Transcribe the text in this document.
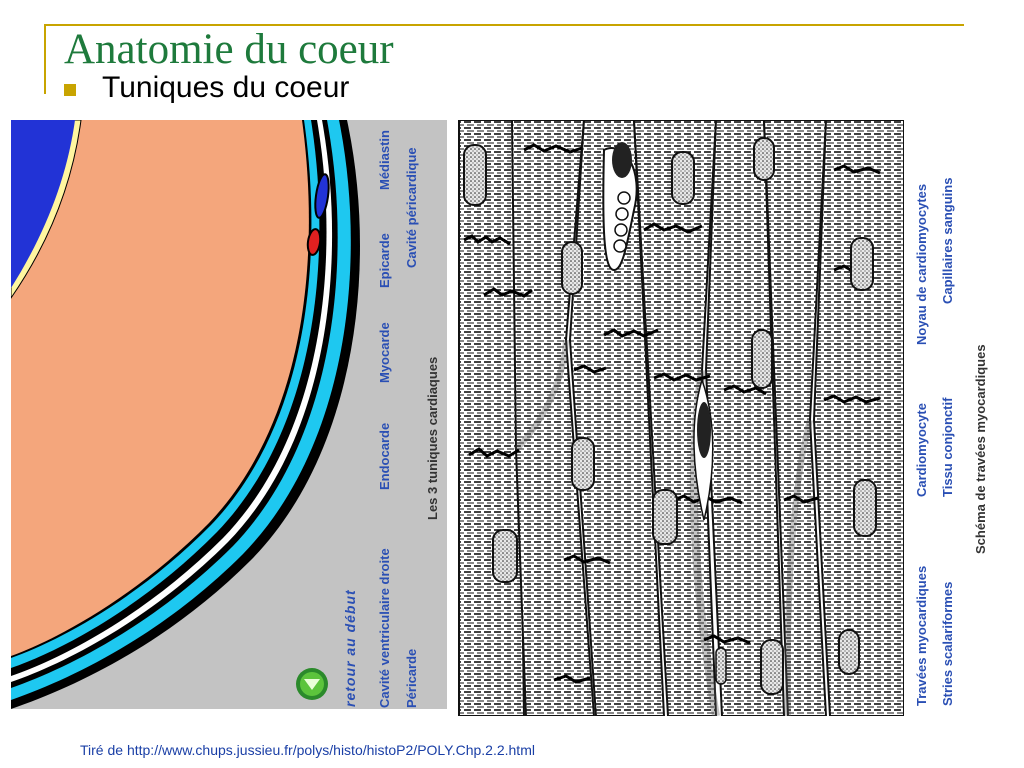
Anatomie du coeur
Tuniques du coeur
retour au début Cavité ventriculaire droite
Endocarde
Myocarde
Epicarde
Médiastin
Péricarde
Cavité péricardique
Les 3 tuniques cardiaques
Travées myocardiques
Cardiomyocyte
Noyau de cardiomyocytes
Stries scalariformes
Tissu conjonctif
Capillaires sanguins
Schéma de travées myocardiques
Tiré de http://www.chups.jussieu.fr/polys/histo/histoP2/POLY.Chp.2.2.html
